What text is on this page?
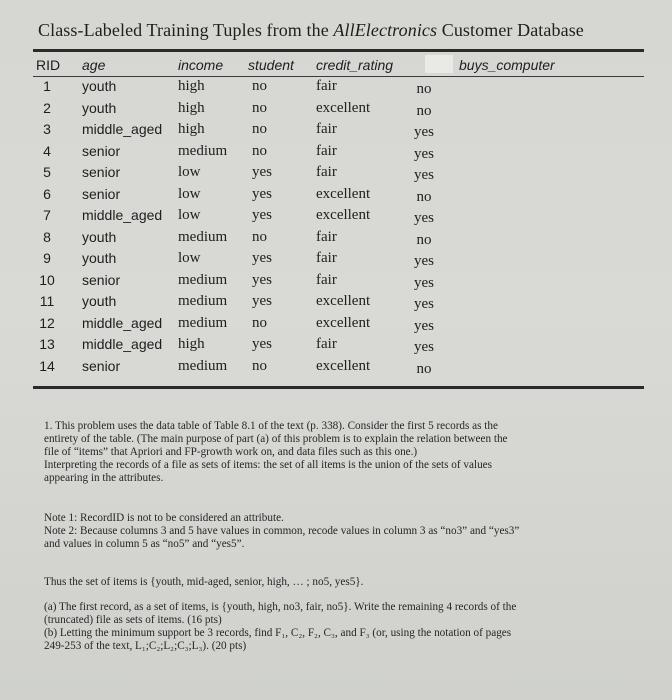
Class-Labeled Training Tuples from the AllElectronics Customer Database
RID age	income student credit_rating	buys_computer
1	youth	high	no	fair	no
2	youth	high	no	excellent	no
3	middle_aged high	no	fair	yes
4	senior	medium no	fair	yes
5	senior	low	yes	fair	yes
6	senior	low	yes	excellent	no
7	middle_aged low	yes	excellent	yes
8	youth	medium no	fair	no
9	youth	low	yes	fair	yes
10 senior	medium yes	fair	yes
11 youth	medium yes	excellent	yes
12 middle_aged medium no	excellent	yes
13 middle_aged high	yes	fair	yes
14 senior	medium no	excellent	no

1. This problem uses the data table of Table 8.1 of the text (p. 338). Consider the first 5 records as the

entirety of the table. (The main purpose of part (a) of this problem is to explain the relation between the

file of “items” that Apriori and FP-growth work on, and data files such as this one.)

Interpreting the records of a file as sets of items: the set of all items is the union of the sets of values

appearing in the attributes.

Note 1: RecordID is not to be considered an attribute.

Note 2: Because columns 3 and 5 have values in common, recode values in column 3 as “no3” and “yes3”

and values in column 5 as “no5” and “yes5”.

Thus the set of items is {youth, mid-aged, senior, high, … ; no5, yes5}.

(a) The first record, as a set of items, is {youth, high, no3, fair, no5}. Write the remaining 4 records of the

(truncated) file as sets of items. (16 pts)

(b) Letting the minimum support be 3 records, find F₁, C₂, F₂, C₃, and F₃ (or, using the notation of pages

249-253 of the text, L₁;C₂;L₂;C₃;L₃). (20 pts)
